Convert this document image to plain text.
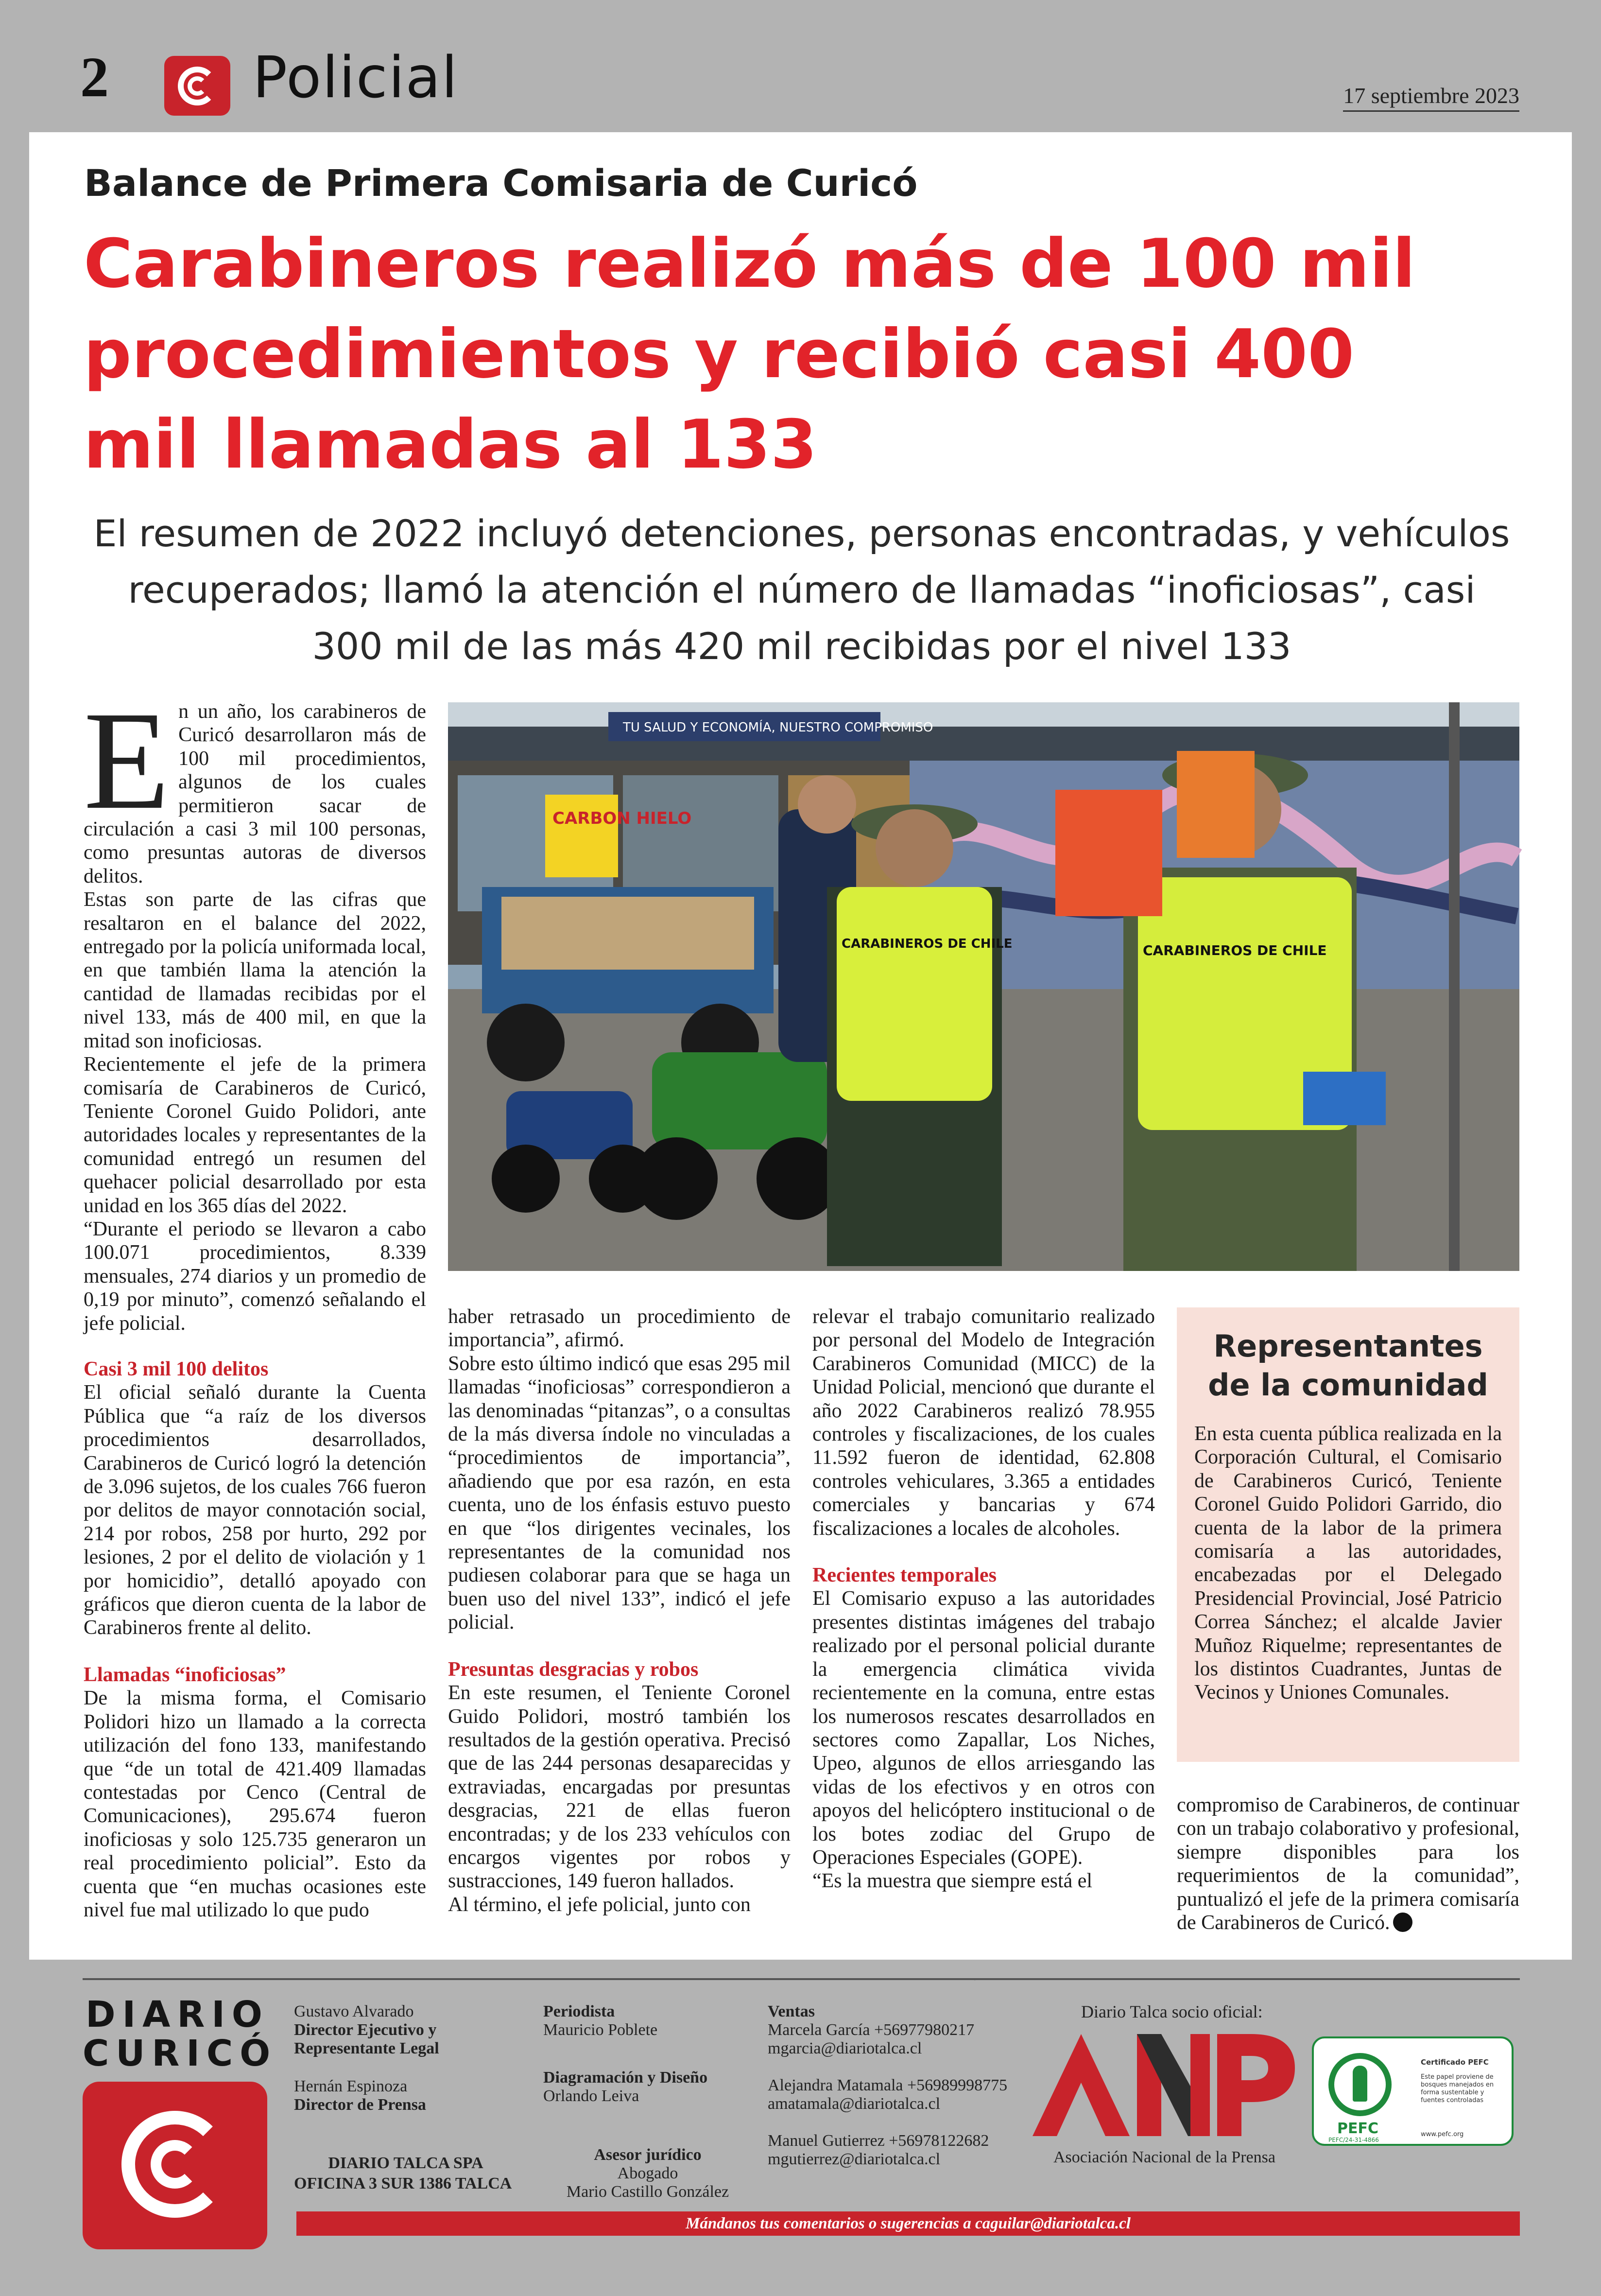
2	Policial	17 septiembre 2023
Balance de Primera Comisaria de Curicó
Carabineros realizó más de 100 mil procedimientos y recibió casi 400 mil llamadas al 133
El resumen de 2022 incluyó detenciones, personas encontradas, y vehículos recuperados; llamó la atención el número de llamadas “inoficiosas”, casi 300 mil de las más 420 mil recibidas por el nivel 133
TU SALUD Y ECONOMÍA, NUESTRO COMPROMISO
CARBON HIELO
CARABINEROS DE CHILE	CARABINEROS DE CHILE
E n un año, los carabineros de Curicó desarrollaron más de 100 mil procedimientos, algunos de los cuales permitieron sacar de circulación a casi 3 mil 100 personas, como presuntas autoras de diversos delitos.

Estas son parte de las cifras que resaltaron en el balance del 2022, entregado por la policía uniformada local, en que también llama la atención la cantidad de llamadas recibidas por el nivel 133, más de 400 mil, en que la mitad son inoficiosas.

Recientemente el jefe de la primera comisaría de Carabineros de Curicó, Teniente Coronel Guido Polidori, ante autoridades locales y representantes de la comunidad entregó un resumen del quehacer policial desarrollado por esta unidad en los 365 días del 2022.

“Durante el periodo se llevaron a cabo 100.071 procedimientos, 8.339 mensuales, 274 diarios y un promedio de 0,19 por minuto”, comenzó señalando el jefe policial.

Casi 3 mil 100 delitos

El oficial señaló durante la Cuenta Pública que “a raíz de los diversos procedimientos desarrollados, Carabineros de Curicó logró la detención de 3.096 sujetos, de los cuales 766 fueron por delitos de mayor connotación social, 214 por robos, 258 por hurto, 292 por lesiones, 2 por el delito de violación y 1 por homicidio”, detalló apoyado con gráficos que dieron cuenta de la labor de Carabineros frente al delito.

Llamadas “inoficiosas”

De la misma forma, el Comisario Polidori hizo un llamado a la correcta utilización del fono 133, manifestando que “de un total de 421.409 llamadas contestadas por Cenco (Central de Comunicaciones), 295.674 fueron inoficiosas y solo 125.735 generaron un real procedimiento policial”. Esto da cuenta que “en muchas ocasiones este nivel fue mal utilizado lo que pudo

haber retrasado un procedimiento de importancia”, afirmó.

Sobre esto último indicó que esas 295 mil llamadas “inoficiosas” correspondieron a las denominadas “pitanzas”, o a consultas de la más diversa índole no vinculadas a “procedimientos de importancia”, añadiendo que por esa razón, en esta cuenta, uno de los énfasis estuvo puesto en que “los dirigentes vecinales, los representantes de la comunidad nos pudiesen colaborar para que se haga un buen uso del nivel 133”, indicó el jefe policial.

Presuntas desgracias y robos

En este resumen, el Teniente Coronel Guido Polidori, mostró también los resultados de la gestión operativa. Precisó que de las 244 personas desaparecidas y extraviadas, encargadas por presuntas desgracias, 221 de ellas fueron encontradas; y de los 233 vehículos con encargos vigentes por robos y sustracciones, 149 fueron hallados.

Al término, el jefe policial, junto con

relevar el trabajo comunitario realizado por personal del Modelo de Integración Carabineros Comunidad (MICC) de la Unidad Policial, mencionó que durante el año 2022 Carabineros realizó 78.955 controles y fiscalizaciones, de los cuales 11.592 fueron de identidad, 62.808 controles vehiculares, 3.365 a entidades comerciales y bancarias y 674 fiscalizaciones a locales de alcoholes.

Recientes temporales

El Comisario expuso a las autoridades presentes distintas imágenes del trabajo realizado por el personal policial durante la emergencia climática vivida recientemente en la comuna, entre estas los numerosos rescates desarrollados en sectores como Zapallar, Los Niches, Upeo, algunos de ellos arriesgando las vidas de los efectivos y en otros con apoyos del helicóptero institucional o de los botes zodiac del Grupo de Operaciones Especiales (GOPE).

“Es la muestra que siempre está el

Representantes de la comunidad

En esta cuenta pública realizada en la Corporación Cultural, el Comisario de Carabineros Curicó, Teniente Coronel Guido Polidori Garrido, dio cuenta de la labor de la primera comisaría a las autoridades, encabezadas por el Delegado Presidencial Provincial, José Patricio Correa Sánchez; el alcalde Javier Muñoz Riquelme; representantes de los distintos Cuadrantes, Juntas de Vecinos y Uniones Comunales.

compromiso de Carabineros, de continuar con un trabajo colaborativo y profesional, siempre disponibles para los requerimientos de la comunidad”, puntualizó el jefe de la primera comisaría de Carabineros de Curicó.

DIARIO
CURICÓ
Gustavo Alvarado
Director Ejecutivo y Representante Legal
Hernán Espinoza
Director de Prensa
DIARIO TALCA SPA
OFICINA 3 SUR 1386 TALCA
Periodista
Mauricio Poblete
Diagramación y Diseño
Orlando Leiva
Asesor jurídico
Abogado
Mario Castillo González
Ventas
Marcela García +56977980217
mgarcia@diariotalca.cl
Alejandra Matamala +56989998775
amatamala@diariotalca.cl
Manuel Gutierrez +56978122682
mgutierrez@diariotalca.cl
Diario Talca socio oficial:
ANP
Asociación Nacional de la Prensa
PEFC
PEFC/24-31-4866
Certificado PEFC
Este papel proviene de bosques manejados en forma sustentable y fuentes controladas
www.pefc.org
Mándanos tus comentarios o sugerencias a caguilar@diariotalca.cl
